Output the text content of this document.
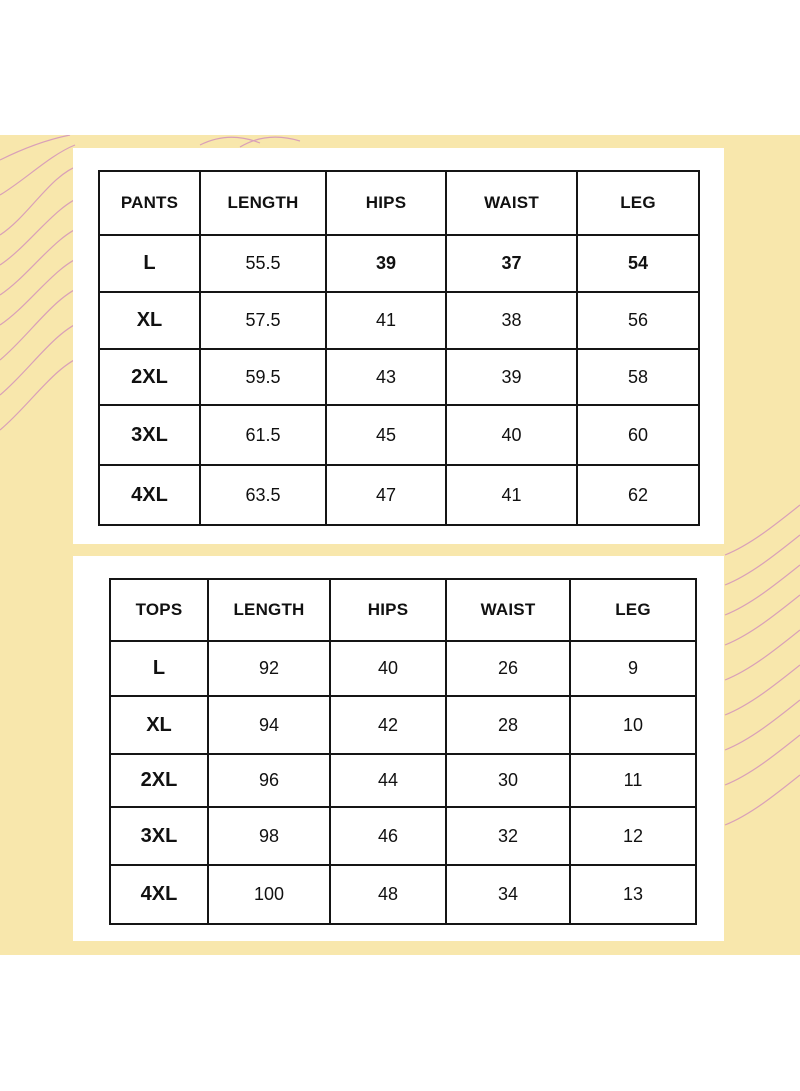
PANTS	LENGTH	HIPS	WAIST	LEG
L	55.5	39	37	54
XL	57.5	41	38	56
2XL	59.5	43	39	58
3XL	61.5	45	40	60
4XL	63.5	47	41	62
TOPS	LENGTH	HIPS	WAIST	LEG
L	92	40	26	9
XL	94	42	28	10
2XL	96	44	30	11
3XL	98	46	32	12
4XL	100	48	34	13
